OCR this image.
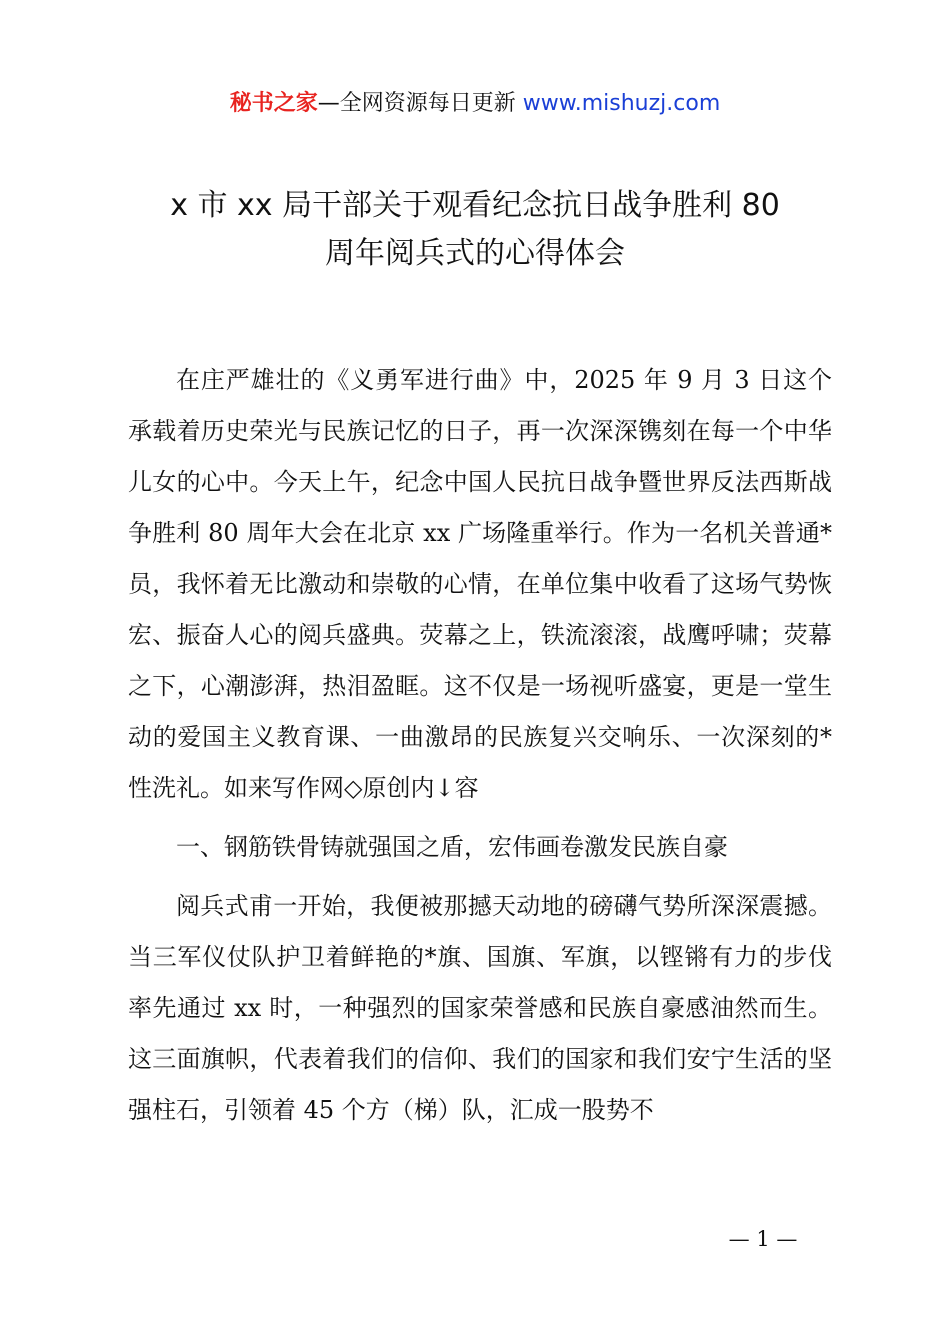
秘书之家—全网资源每日更新 www.mishuzj.com
x 市 xx 局干部关于观看纪念抗日战争胜利 80
周年阅兵式的心得体会

在庄严雄壮的《义勇军进行曲》中，2025 年 9 月 3 日这个承载着历史荣光与民族记忆的日子，再一次深深镌刻在每一个中华儿女的心中。今天上午，纪念中国人民抗日战争暨世界反法西斯战争胜利 80 周年大会在北京 xx 广场隆重举行。作为一名机关普通*员，我怀着无比激动和崇敬的心情，在单位集中收看了这场气势恢宏、振奋人心的阅兵盛典。荧幕之上，铁流滚滚，战鹰呼啸；荧幕之下，心潮澎湃，热泪盈眶。这不仅是一场视听盛宴，更是一堂生动的爱国主义教育课、一曲激昂的民族复兴交响乐、一次深刻的*性洗礼。如来写作网◇原创内↓容

一、钢筋铁骨铸就强国之盾，宏伟画卷激发民族自豪

阅兵式甫一开始，我便被那撼天动地的磅礴气势所深深震撼。当三军仪仗队护卫着鲜艳的*旗、国旗、军旗，以铿锵有力的步伐率先通过 xx 时，一种强烈的国家荣誉感和民族自豪感油然而生。这三面旗帜，代表着我们的信仰、我们的国家和我们安宁生活的坚强柱石，引领着 45 个方（梯）队，汇成一股势不

— 1 —
